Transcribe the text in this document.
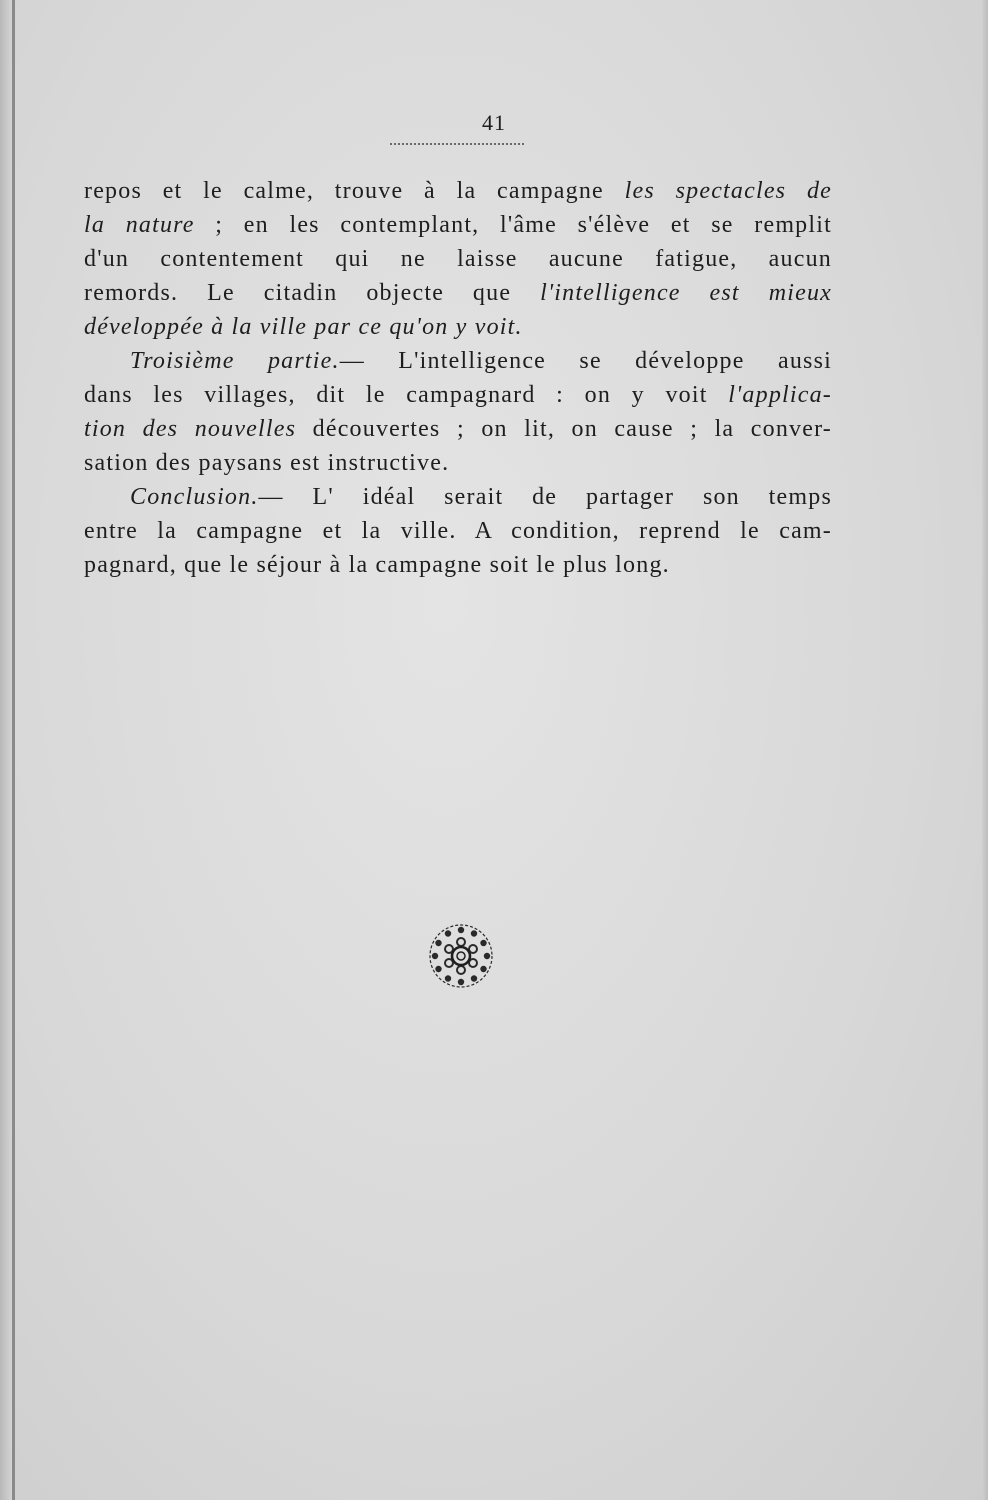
41
repos et le calme, trouve à la campagne les spectacles de
la nature ; en les contemplant, l'âme s'élève et se remplit
d'un contentement qui ne laisse aucune fatigue, aucun
remords. Le citadin objecte que l'intelligence est mieux
développée à la ville par ce qu'on y voit.
Troisième partie.— L'intelligence se développe aussi
dans les villages, dit le campagnard : on y voit l'applica-
tion des nouvelles découvertes ; on lit, on cause ; la conver-
sation des paysans est instructive.
Conclusion.— L' idéal serait de partager son temps
entre la campagne et la ville. A condition, reprend le cam-
pagnard, que le séjour à la campagne soit le plus long.
